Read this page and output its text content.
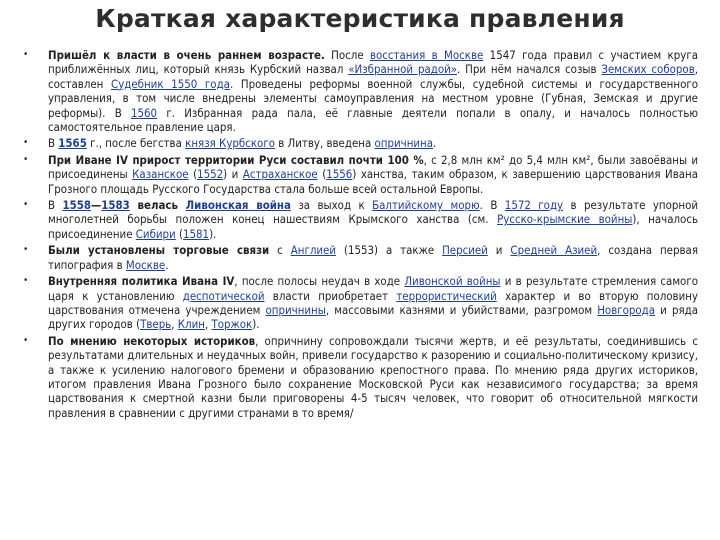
Краткая характеристика правления
• Пришёл к власти в очень раннем возрасте. После восстания в Москве 1547 года правил с участием круга приближённых лиц, который князь Курбский назвал «Избранной радой». При нём начался созыв Земских соборов, составлен Судебник 1550 года. Проведены реформы военной службы, судебной системы и государственного управления, в том числе внедрены элементы самоуправления на местном уровне (Губная, Земская и другие реформы). В 1560 г. Избранная рада пала, её главные деятели попали в опалу, и началось полностью самостоятельное правление царя.
• В 1565 г., после бегства князя Курбского в Литву, введена опричнина.
• При Иване IV прирост территории Руси составил почти 100 %, с 2,8 млн км² до 5,4 млн км², были завоёваны и присоединены Казанское (1552) и Астраханское (1556) ханства, таким образом, к завершению царствования Ивана Грозного площадь Русского Государства стала больше всей остальной Европы.
• В 1558—1583 велась Ливонская война за выход к Балтийскому морю. В 1572 году в результате упорной многолетней борьбы положен конец нашествиям Крымского ханства (см. Русско-крымские войны), началось присоединение Сибири (1581).
• Были установлены торговые связи с Англией (1553) а также Персией и Средней Азией, создана первая типография в Москве.
• Внутренняя политика Ивана IV, после полосы неудач в ходе Ливонской войны и в результате стремления самого царя к установлению деспотической власти приобретает террористический характер и во вторую половину царствования отмечена учреждением опричнины, массовыми казнями и убийствами, разгромом Новгорода и ряда других городов (Тверь, Клин, Торжок).
• По мнению некоторых историков, опричнину сопровождали тысячи жертв, и её результаты, соединившись с результатами длительных и неудачных войн, привели государство к разорению и социально-политическому кризису, а также к усилению налогового бремени и образованию крепостного права. По мнению ряда других историков, итогом правления Ивана Грозного было сохранение Московской Руси как независимого государства; за время царствования к смертной казни были приговорены 4-5 тысяч человек, что говорит об относительной мягкости правления в сравнении с другими странами в то время/
